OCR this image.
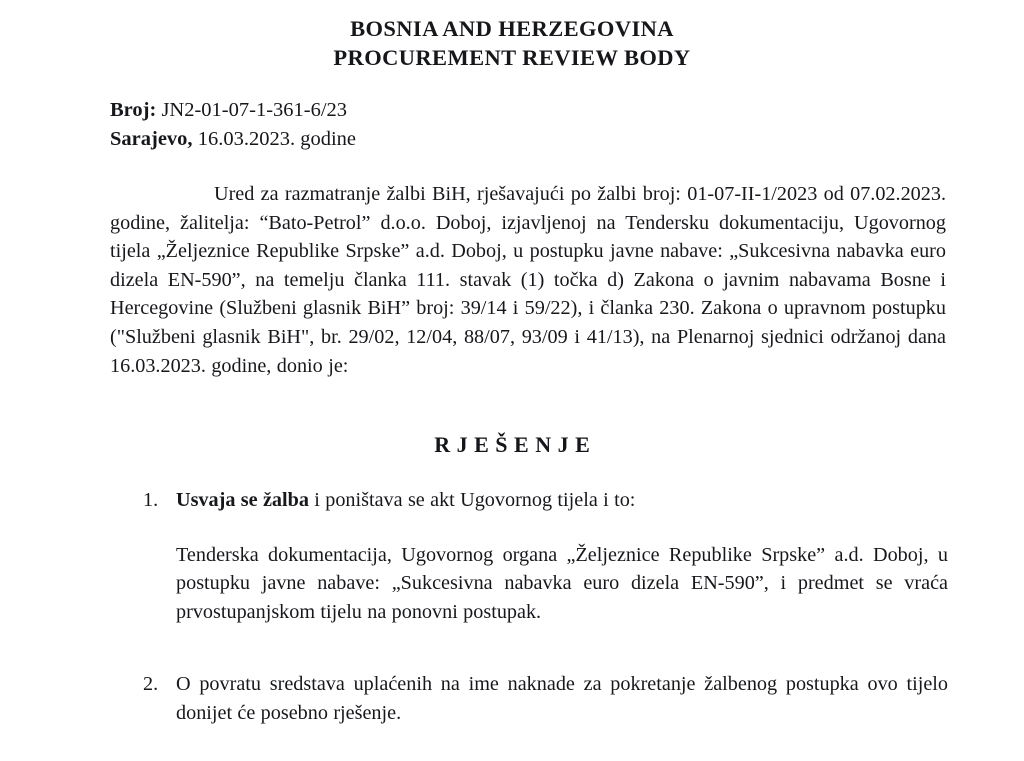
BOSNIA AND HERZEGOVINA
PROCUREMENT REVIEW BODY
Broj: JN2-01-07-1-361-6/23
Sarajevo, 16.03.2023. godine
Ured za razmatranje žalbi BiH, rješavajući po žalbi broj: 01-07-II-1/2023 od 07.02.2023. godine, žalitelja: “Bato-Petrol” d.o.o. Doboj, izjavljenoj na Tendersku dokumentaciju, Ugovornog tijela „Željeznice Republike Srpske” a.d. Doboj, u postupku javne nabave: „Sukcesivna nabavka euro dizela EN-590”, na temelju članka 111. stavak (1) točka d) Zakona o javnim nabavama Bosne i Hercegovine (Službeni glasnik BiH” broj: 39/14 i 59/22), i članka 230. Zakona o upravnom postupku ("Službeni glasnik BiH", br. 29/02, 12/04, 88/07, 93/09 i 41/13), na Plenarnoj sjednici održanoj dana 16.03.2023. godine, donio je:
RJEŠENJE
1. Usvaja se žalba i poništava se akt Ugovornog tijela i to:
Tenderska dokumentacija, Ugovornog organa „Željeznice Republike Srpske” a.d. Doboj, u postupku javne nabave: „Sukcesivna nabavka euro dizela EN-590”, i predmet se vraća prvostupanjskom tijelu na ponovni postupak.
2. O povratu sredstava uplaćenih na ime naknade za pokretanje žalbenog postupka ovo tijelo donijet će posebno rješenje.
